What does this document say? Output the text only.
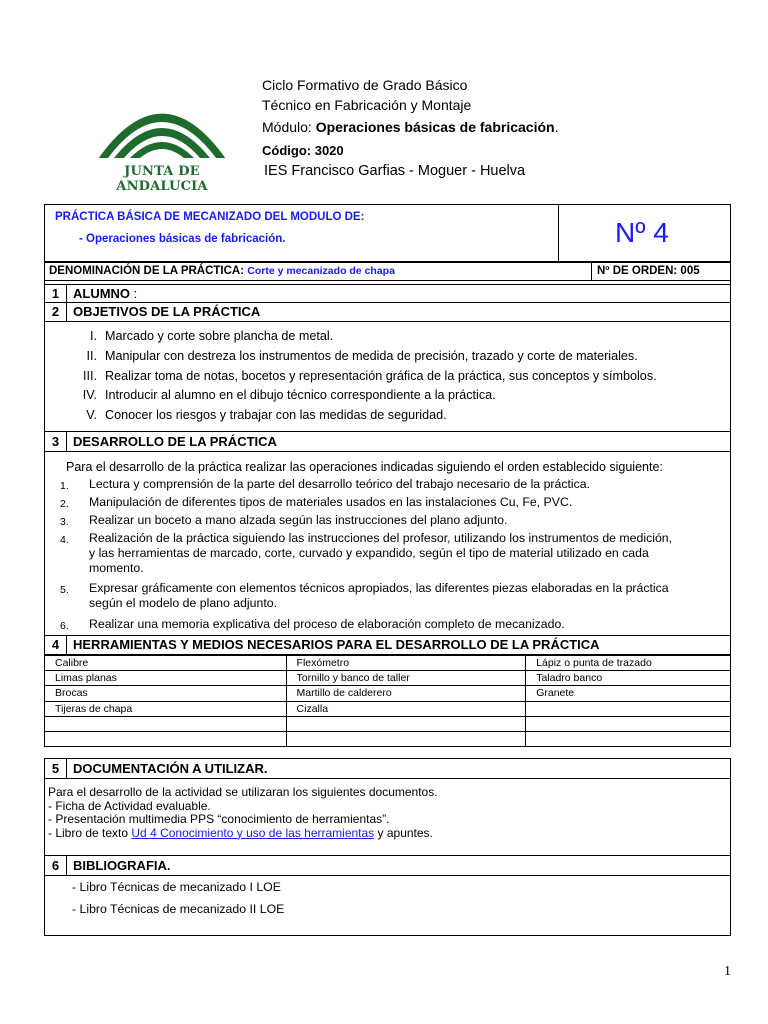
JUNTA DE ANDALUCIA
Ciclo Formativo de Grado Básico
Técnico en Fabricación y Montaje
Módulo: Operaciones básicas de fabricación.
Código: 3020
IES Francisco Garfias - Moguer - Huelva
PRÁCTICA BÁSICA DE MECANIZADO DEL MODULO DE:
- Operaciones básicas de fabricación.	Nº 4
DENOMINACIÓN DE LA PRÁCTICA: Corte y mecanizado de chapa	Nº DE ORDEN: 005
1	ALUMNO :
2	OBJETIVOS DE LA PRÁCTICA
I. Marcado y corte sobre plancha de metal.
II. Manipular con destreza los instrumentos de medida de precisión, trazado y corte de materiales.
III. Realizar toma de notas, bocetos y representación gráfica de la práctica, sus conceptos y símbolos.
IV. Introducir al alumno en el dibujo técnico correspondiente a la práctica.
V. Conocer los riesgos y trabajar con las medidas de seguridad.
3	DESARROLLO DE LA PRÁCTICA
Para el desarrollo de la práctica realizar las operaciones indicadas siguiendo el orden establecido siguiente:
1. Lectura y comprensión de la parte del desarrollo teórico del trabajo necesario de la práctica.
2. Manipulación de diferentes tipos de materiales usados en las instalaciones Cu, Fe, PVC.
3. Realizar un boceto a mano alzada según las instrucciones del plano adjunto.
4. Realización de la práctica siguiendo las instrucciones del profesor, utilizando los instrumentos de medición,
y las herramientas de marcado, corte, curvado y expandido, según el tipo de material utilizado en cada momento.
5. Expresar gráficamente con elementos técnicos apropiados, las diferentes piezas elaboradas en la práctica
según el modelo de plano adjunto.
6. Realizar una memoria explicativa del proceso de elaboración completo de mecanizado.
4	HERRAMIENTAS Y MEDIOS NECESARIOS PARA EL DESARROLLO DE LA PRÁCTICA
Calibre	Flexómetro	Lápiz o punta de trazado
Limas planas	Tornillo y banco de taller	Taladro banco
Brocas	Martillo de calderero	Granete
Tijeras de chapa	Cizalla	

5	DOCUMENTACIÓN A UTILIZAR.
Para el desarrollo de la actividad se utilizaran los siguientes documentos.
- Ficha de Actividad evaluable.
- Presentación multimedia PPS “conocimiento de herramientas”.
- Libro de texto Ud 4 Conocimiento y uso de las herramientas y apuntes.
6	BIBLIOGRAFIA.
- Libro Técnicas de mecanizado I LOE
- Libro Técnicas de mecanizado II LOE
1
